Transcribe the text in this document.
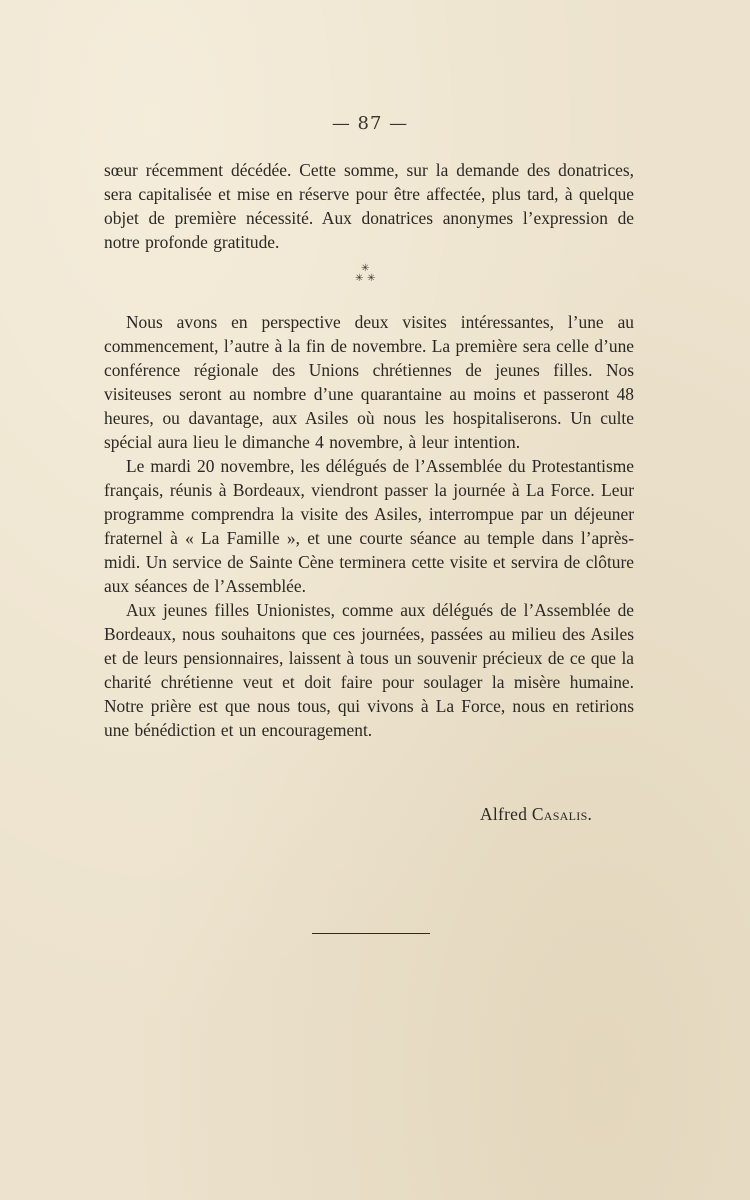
— 87 —

sœur récemment décédée. Cette somme, sur la demande des donatrices, sera capitalisée et mise en réserve pour être affectée, plus tard, à quelque objet de première nécessité. Aux donatrices anonymes l’expression de notre profonde gratitude.

✳
✳ ✳

Nous avons en perspective deux visites intéressantes, l’une au commencement, l’autre à la fin de novembre. La première sera celle d’une conférence régionale des Unions chrétiennes de jeunes filles. Nos visiteuses seront au nombre d’une quarantaine au moins et passeront 48 heures, ou davantage, aux Asiles où nous les hospitaliserons. Un culte spécial aura lieu le dimanche 4 novembre, à leur intention.

Le mardi 20 novembre, les délégués de l’Assemblée du Protestantisme français, réunis à Bordeaux, viendront passer la journée à La Force. Leur programme comprendra la visite des Asiles, interrompue par un déjeuner fraternel à « La Famille », et une courte séance au temple dans l’après-midi. Un service de Sainte Cène terminera cette visite et servira de clôture aux séances de l’Assemblée.

Aux jeunes filles Unionistes, comme aux délégués de l’Assemblée de Bordeaux, nous souhaitons que ces journées, passées au milieu des Asiles et de leurs pensionnaires, laissent à tous un souvenir précieux de ce que la charité chrétienne veut et doit faire pour soulager la misère humaine. Notre prière est que nous tous, qui vivons à La Force, nous en retirions une bénédiction et un encouragement.

Alfred Casalis.
